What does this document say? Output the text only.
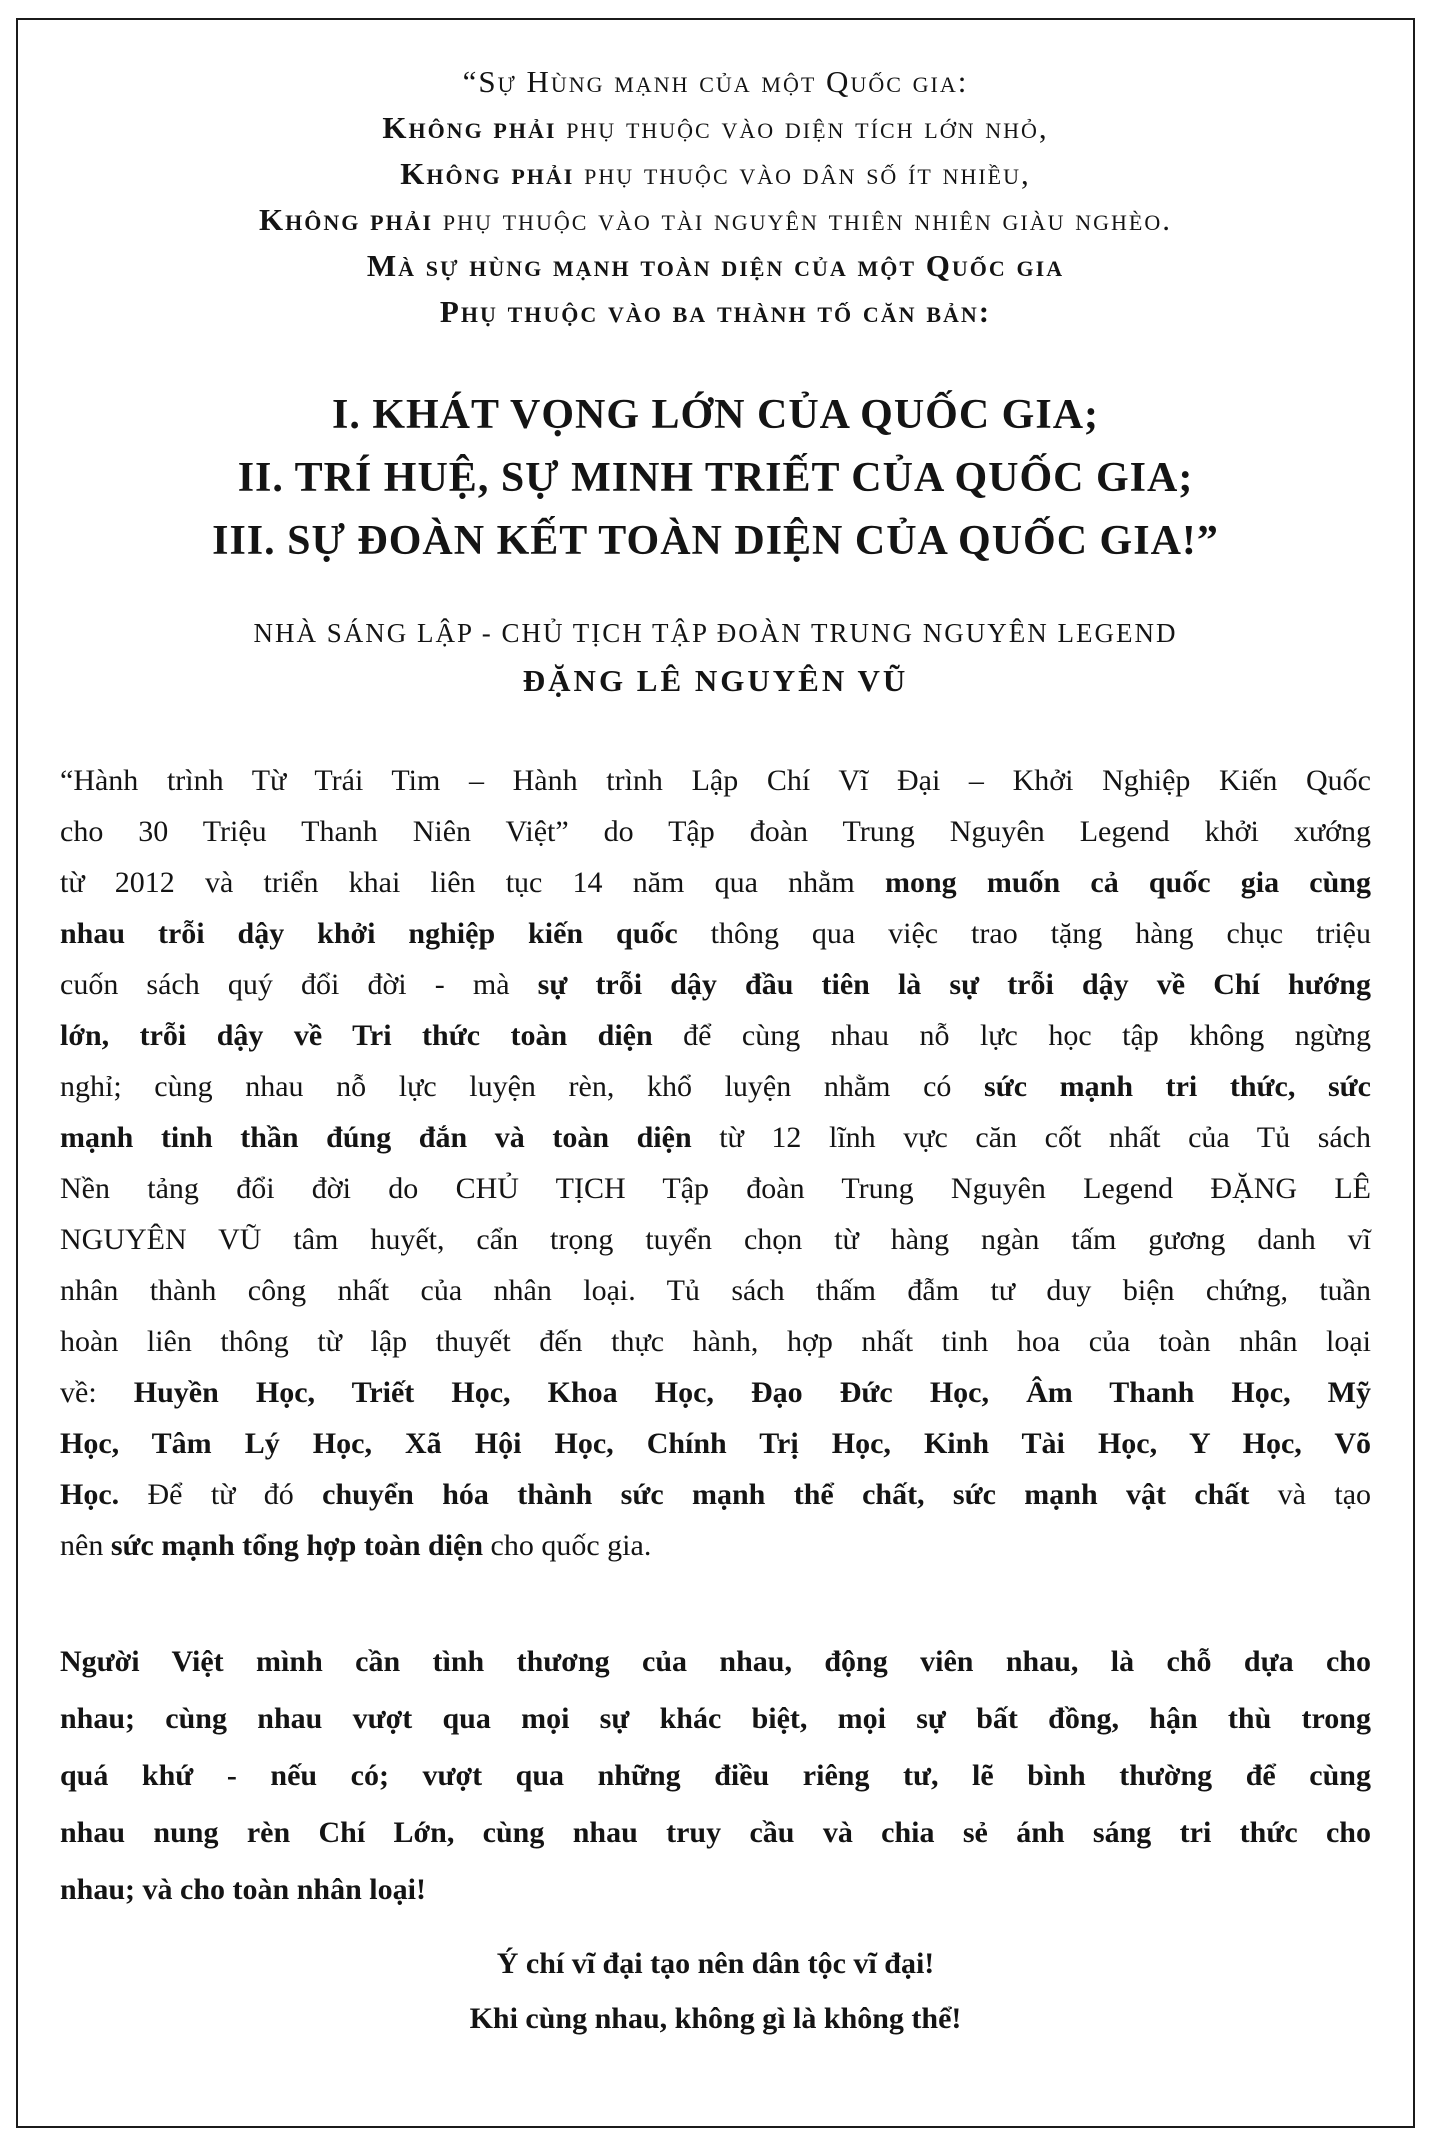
“Sự Hùng mạnh của một Quốc gia:
Không phải phụ thuộc vào diện tích lớn nhỏ,
Không phải phụ thuộc vào dân số ít nhiều,
Không phải phụ thuộc vào tài nguyên thiên nhiên giàu nghèo.
Mà sự hùng mạnh toàn diện của một Quốc gia
Phụ thuộc vào ba thành tố căn bản:
I. KHÁT VỌNG LỚN CỦA QUỐC GIA;
II. TRÍ HUỆ, SỰ MINH TRIẾT CỦA QUỐC GIA;
III. SỰ ĐOÀN KẾT TOÀN DIỆN CỦA QUỐC GIA!”
NHÀ SÁNG LẬP - CHỦ TỊCH TẬP ĐOÀN TRUNG NGUYÊN LEGEND
ĐẶNG LÊ NGUYÊN VŨ
“Hành trình Từ Trái Tim – Hành trình Lập Chí Vĩ Đại – Khởi Nghiệp Kiến Quốc
cho 30 Triệu Thanh Niên Việt” do Tập đoàn Trung Nguyên Legend khởi xướng
từ 2012 và triển khai liên tục 14 năm qua nhằm mong muốn cả quốc gia cùng
nhau trỗi dậy khởi nghiệp kiến quốc thông qua việc trao tặng hàng chục triệu
cuốn sách quý đổi đời - mà sự trỗi dậy đầu tiên là sự trỗi dậy về Chí hướng
lớn, trỗi dậy về Tri thức toàn diện để cùng nhau nỗ lực học tập không ngừng
nghỉ; cùng nhau nỗ lực luyện rèn, khổ luyện nhằm có sức mạnh tri thức, sức
mạnh tinh thần đúng đắn và toàn diện từ 12 lĩnh vực căn cốt nhất của Tủ sách
Nền tảng đổi đời do CHỦ TỊCH Tập đoàn Trung Nguyên Legend ĐẶNG LÊ
NGUYÊN VŨ tâm huyết, cẩn trọng tuyển chọn từ hàng ngàn tấm gương danh vĩ
nhân thành công nhất của nhân loại. Tủ sách thấm đẫm tư duy biện chứng, tuần
hoàn liên thông từ lập thuyết đến thực hành, hợp nhất tinh hoa của toàn nhân loại
về: Huyền Học, Triết Học, Khoa Học, Đạo Đức Học, Âm Thanh Học, Mỹ
Học, Tâm Lý Học, Xã Hội Học, Chính Trị Học, Kinh Tài Học, Y Học, Võ
Học. Để từ đó chuyển hóa thành sức mạnh thể chất, sức mạnh vật chất và tạo
nên sức mạnh tổng hợp toàn diện cho quốc gia.
Người Việt mình cần tình thương của nhau, động viên nhau, là chỗ dựa cho
nhau; cùng nhau vượt qua mọi sự khác biệt, mọi sự bất đồng, hận thù trong
quá khứ - nếu có; vượt qua những điều riêng tư, lẽ bình thường để cùng
nhau nung rèn Chí Lớn, cùng nhau truy cầu và chia sẻ ánh sáng tri thức cho
nhau; và cho toàn nhân loại!
Ý chí vĩ đại tạo nên dân tộc vĩ đại!
Khi cùng nhau, không gì là không thể!
